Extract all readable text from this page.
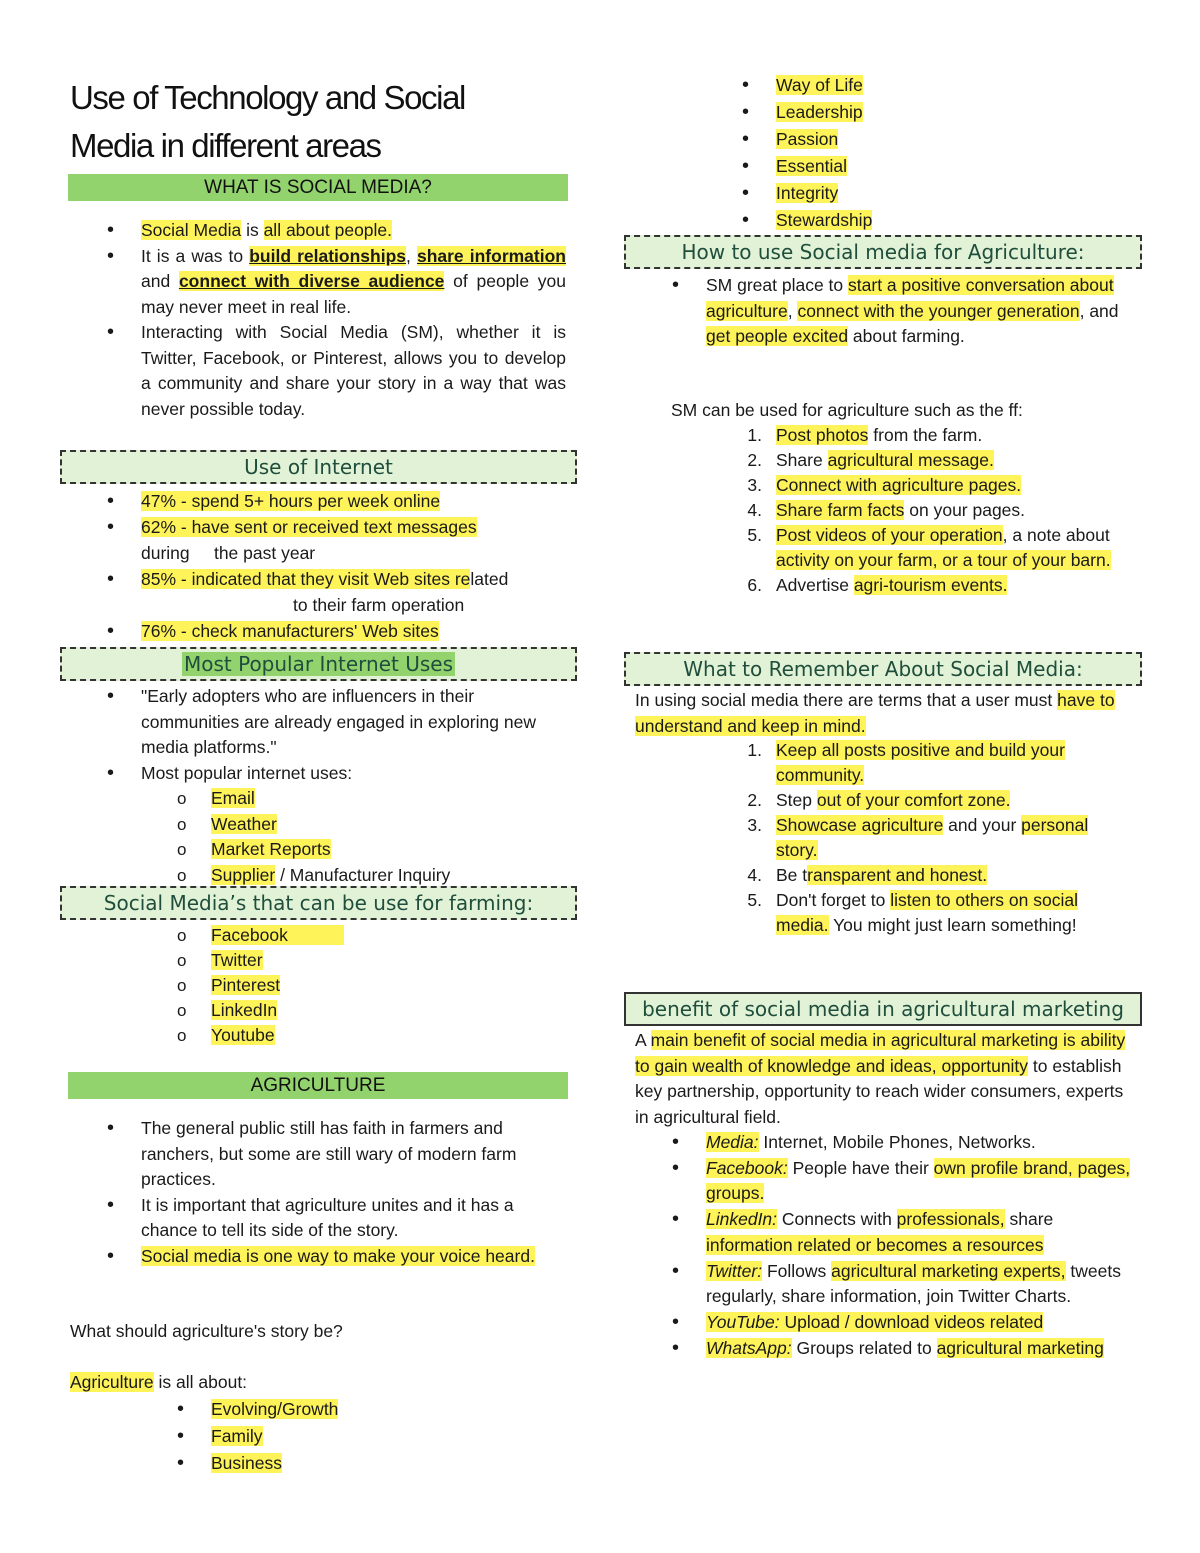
Use of Technology and Social Media in different areas
WHAT IS SOCIAL MEDIA?
• Social Media is all about people.
• It is a was to build relationships, share information and connect with diverse audience of people you may never meet in real life.
• Interacting with Social Media (SM), whether it is Twitter, Facebook, or Pinterest, allows you to develop a community and share your story in a way that was never possible today.
Use of Internet
• 47% - spend 5+ hours per week online
• 62% - have sent or received text messages
during     the past year
• 85% - indicated that they visit Web sites related
to their farm operation
• 76% - check manufacturers' Web sites
Most Popular Internet Uses
• "Early adopters who are influencers in their communities are already engaged in exploring new media platforms."
• Most popular internet uses:
o Email
o Weather
o Market Reports
o Supplier / Manufacturer Inquiry
Social Media’s that can be use for farming:
o Facebook
o Twitter
o Pinterest
o LinkedIn
o Youtube
AGRICULTURE
• The general public still has faith in farmers and ranchers, but some are still wary of modern farm practices.
• It is important that agriculture unites and it has a chance to tell its side of the story.
• Social media is one way to make your voice heard.
What should agriculture's story be?
Agriculture is all about:
• Evolving/Growth
• Family
• Business
• Way of Life
• Leadership
• Passion
• Essential
• Integrity
• Stewardship
How to use Social media for Agriculture:
• SM great place to start a positive conversation about agriculture, connect with the younger generation, and get people excited about farming.
SM can be used for agriculture such as the ff:
1. Post photos from the farm.
2. Share agricultural message.
3. Connect with agriculture pages.
4. Share farm facts on your pages.
5. Post videos of your operation, a note about activity on your farm, or a tour of your barn.
6. Advertise agri-tourism events.
What to Remember About Social Media:
In using social media there are terms that a user must have to understand and keep in mind.
1. Keep all posts positive and build your community.
2. Step out of your comfort zone.
3. Showcase agriculture and your personal story.
4. Be transparent and honest.
5. Don't forget to listen to others on social media. You might just learn something!
benefit of social media in agricultural marketing
A main benefit of social media in agricultural marketing is ability to gain wealth of knowledge and ideas, opportunity to establish key partnership, opportunity to reach wider consumers, experts in agricultural field.
• Media: Internet, Mobile Phones, Networks.
• Facebook: People have their own profile brand, pages, groups.
• LinkedIn: Connects with professionals, share information related or becomes a resources
• Twitter: Follows agricultural marketing experts, tweets regularly, share information, join Twitter Charts.
• YouTube: Upload / download videos related
• WhatsApp: Groups related to agricultural marketing
